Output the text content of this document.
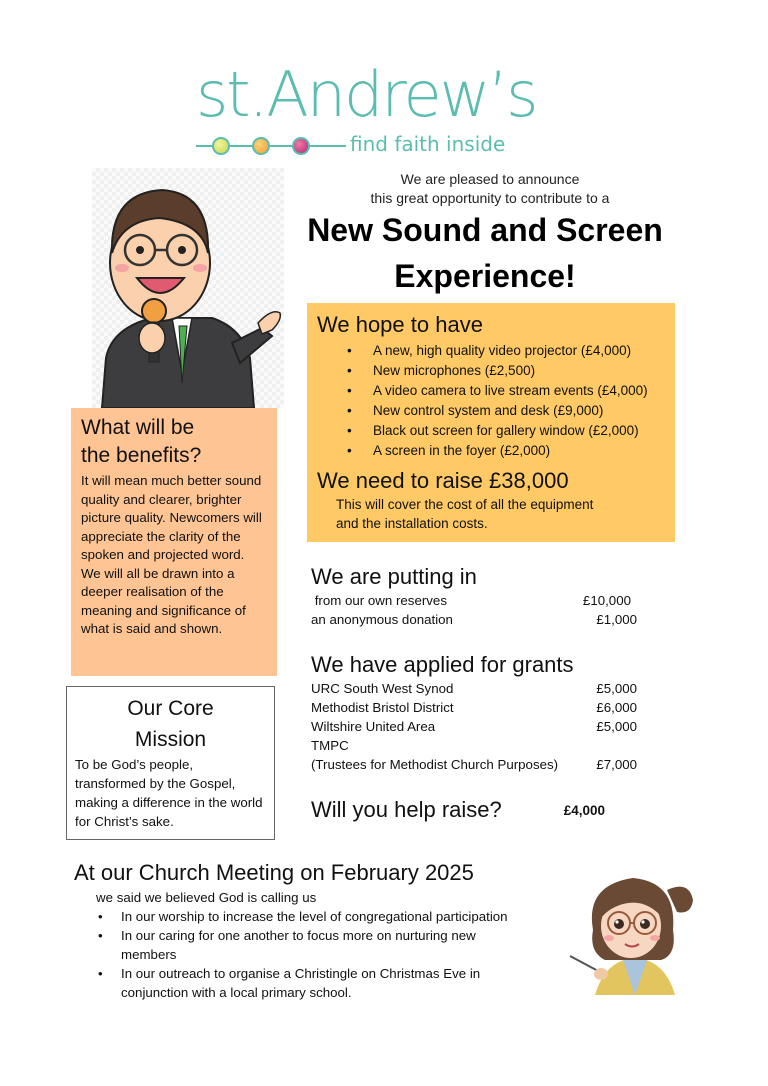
st.Andrew’s
find faith inside
We are pleased to announce
this great opportunity to contribute to a
New Sound and Screen
Experience!
We hope to have
• A new, high quality video projector (£4,000)
• New microphones (£2,500)
• A video camera to live stream events (£4,000)
• New control system and desk (£9,000)
• Black out screen for gallery window (£2,000)
• A screen in the foyer (£2,000)
We need to raise £38,000
This will cover the cost of all the equipment
and the installation costs.
What will be
the benefits?

It will mean much better sound quality and clearer, brighter picture quality. Newcomers will appreciate the clarity of the spoken and projected word. We will all be drawn into a deeper realisation of the meaning and significance of what is said and shown.

Our Core
Mission

To be God’s people, transformed by the Gospel, making a difference in the world for Christ’s sake.

We are putting in
from our own reserves	£10,000
an anonymous donation	£1,000
We have applied for grants
URC South West Synod	£5,000
Methodist Bristol District	£6,000
Wiltshire United Area	£5,000
TMPC
(Trustees for Methodist Church Purposes)	£7,000
Will you help raise?	£4,000
At our Church Meeting on February 2025
we said we believed God is calling us
• In our worship to increase the level of congregational participation
• In our caring for one another to focus more on nurturing new members
• In our outreach to organise a Christingle on Christmas Eve in conjunction with a local primary school.
